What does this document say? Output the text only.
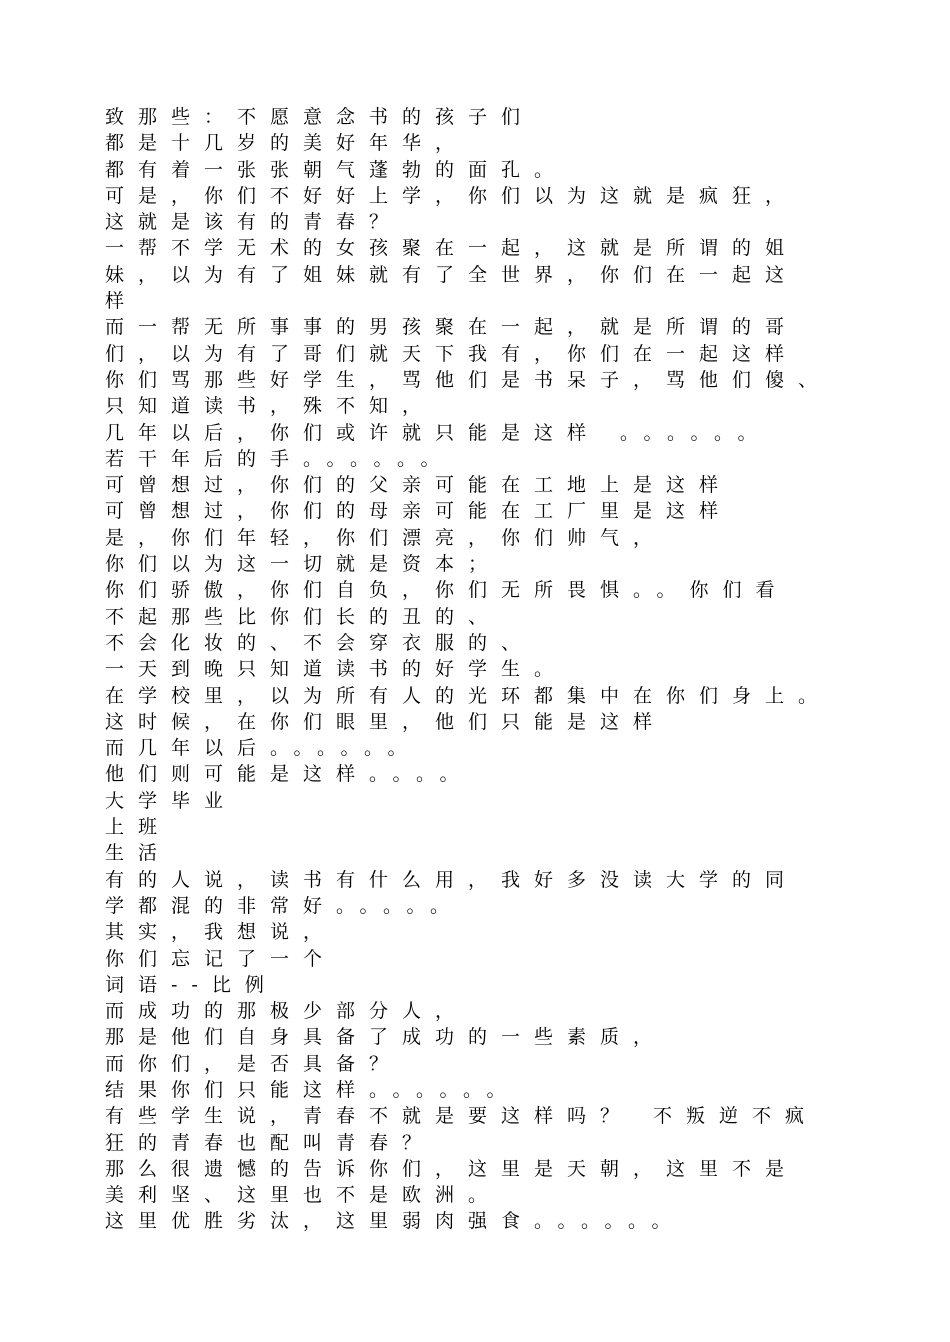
致那些：不愿意念书的孩子们
都是十几岁的美好年华，
都有着一张张朝气蓬勃的面孔。
可是，你们不好好上学，你们以为这就是疯狂，
这就是该有的青春？
一帮不学无术的女孩聚在一起，这就是所谓的姐
妹，以为有了姐妹就有了全世界，你们在一起这
样
而一帮无所事事的男孩聚在一起，就是所谓的哥
们，以为有了哥们就天下我有，你们在一起这样
你们骂那些好学生，骂他们是书呆子，骂他们傻、
只知道读书，殊不知，
几年以后，你们或许就只能是这样 。。。。。。
若干年后的手。。。。。。
可曾想过，你们的父亲可能在工地上是这样
可曾想过，你们的母亲可能在工厂里是这样
是，你们年轻，你们漂亮，你们帅气，
你们以为这一切就是资本；
你们骄傲，你们自负，你们无所畏惧。。你们看
不起那些比你们长的丑的、
不会化妆的、不会穿衣服的、
一天到晚只知道读书的好学生。
在学校里，以为所有人的光环都集中在你们身上。
这时候，在你们眼里，他们只能是这样
而几年以后。。。。。。
他们则可能是这样。。。。
大学毕业
上班
生活
有的人说，读书有什么用，我好多没读大学的同
学都混的非常好。。。。。
其实，我想说，
你们忘记了一个
词语--比例
而成功的那极少部分人，
那是他们自身具备了成功的一些素质，
而你们，是否具备？
结果你们只能这样。。。。。。
有些学生说，青春不就是要这样吗？ 不叛逆不疯
狂的青春也配叫青春？
那么很遗憾的告诉你们，这里是天朝，这里不是
美利坚、这里也不是欧洲。
这里优胜劣汰，这里弱肉强食。。。。。。
